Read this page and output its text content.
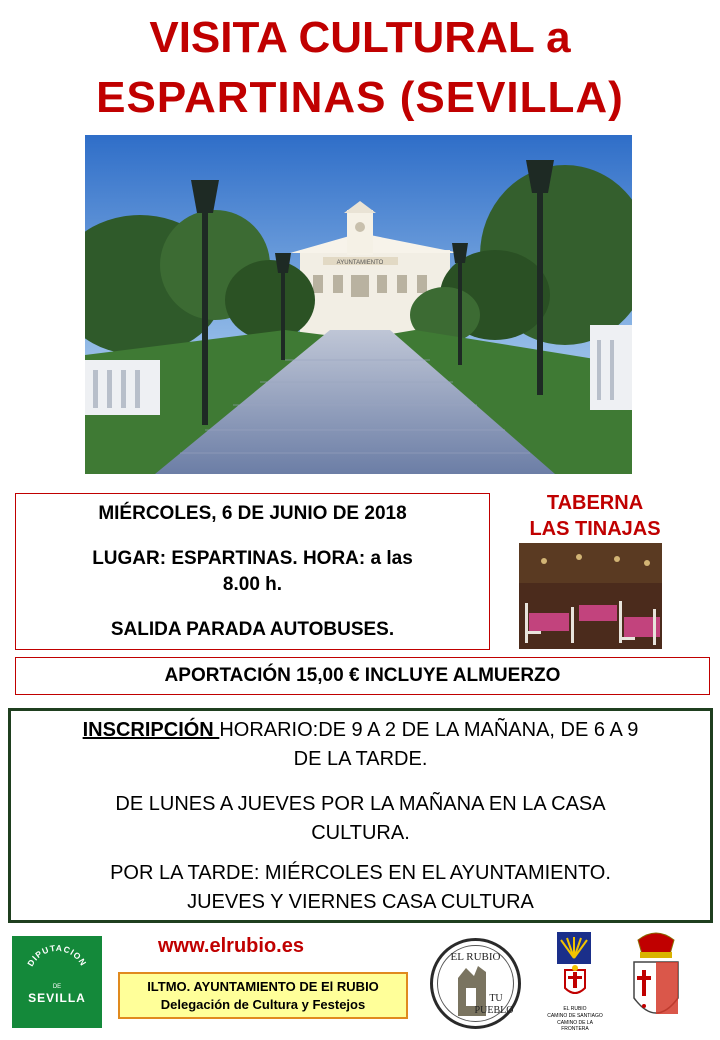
VISITA CULTURAL a
ESPARTINAS (SEVILLA)
AYUNTAMIENTO
MIÉRCOLES, 6 DE JUNIO DE 2018
LUGAR: ESPARTINAS. HORA: a las
8.00 h.
SALIDA PARADA AUTOBUSES.
TABERNA
LAS TINAJAS
APORTACIÓN 15,00 € INCLUYE ALMUERZO
INSCRIPCIÓN HORARIO:DE 9 A 2 DE LA MAÑANA, DE 6 A 9
DE LA TARDE.
DE LUNES A JUEVES POR LA MAÑANA EN LA CASA
CULTURA.
POR LA TARDE: MIÉRCOLES EN EL AYUNTAMIENTO.
JUEVES Y VIERNES CASA CULTURA
DIPUTACION
DE
SEVILLA
www.elrubio.es
ILTMO. AYUNTAMIENTO DE El RUBIO
Delegación de Cultura y Festejos
EL RUBIO
TU
PUEBLO	EL RUBIO
CAMINO DE SANTIAGO
CAMINO DE LA FRONTERA
